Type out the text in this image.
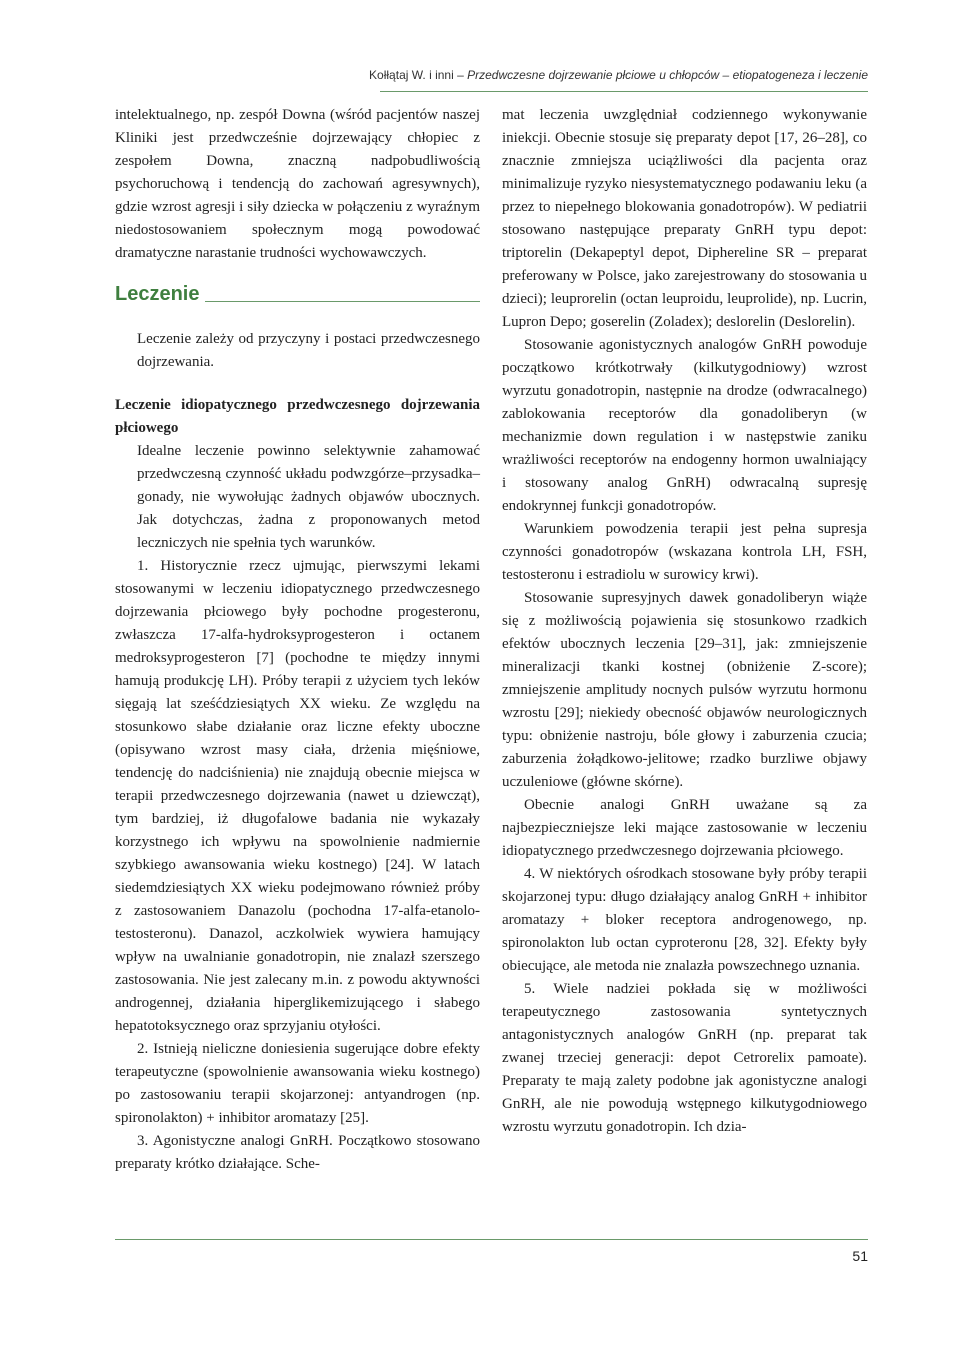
Kołłątaj W. i inni – Przedwczesne dojrzewanie płciowe u chłopców – etiopatogeneza i leczenie

intelektualnego, np. zespół Downa (wśród pacjentów naszej Kliniki jest przedwcześnie dojrzewający chłopiec z zespołem Downa, znaczną nadpobudliwością psychoruchową i tendencją do zachowań agresywnych), gdzie wzrost agresji i siły dziecka w połączeniu z wyraźnym niedostosowaniem społecznym mogą powodować dramatyczne narastanie trudności wychowawczych.

Leczenie

Leczenie zależy od przyczyny i postaci przedwczesnego dojrzewania.

Leczenie idiopatycznego przedwczesnego dojrzewania płciowego

Idealne leczenie powinno selektywnie zahamować przedwczesną czynność układu podwzgórze–przysadka–gonady, nie wywołując żadnych objawów ubocznych. Jak dotychczas, żadna z proponowanych metod leczniczych nie spełnia tych warunków.

1. Historycznie rzecz ujmując, pierwszymi lekami stosowanymi w leczeniu idiopatycznego przedwczesnego dojrzewania płciowego były pochodne progesteronu, zwłaszcza 17-alfa-hydroksyprogesteron i octanem medroksyprogesteron [7] (pochodne te między innymi hamują produkcję LH). Próby terapii z użyciem tych leków sięgają lat sześćdziesiątych XX wieku. Ze względu na stosunkowo słabe działanie oraz liczne efekty uboczne (opisywano wzrost masy ciała, drżenia mięśniowe, tendencję do nadciśnienia) nie znajdują obecnie miejsca w terapii przedwczesnego dojrzewania (nawet u dziewcząt), tym bardziej, iż długofalowe badania nie wykazały korzystnego ich wpływu na spowolnienie nadmiernie szybkiego awansowania wieku kostnego) [24]. W latach siedemdziesiątych XX wieku podejmowano również próby z zastosowaniem Danazolu (pochodna 17-alfa-etanolo-testosteronu). Danazol, aczkolwiek wywiera hamujący wpływ na uwalnianie gonadotropin, nie znalazł szerszego zastosowania. Nie jest zalecany m.in. z powodu aktywności androgennej, działania hiperglikemizującego i słabego hepatotoksycznego oraz sprzyjaniu otyłości.

2. Istnieją nieliczne doniesienia sugerujące dobre efekty terapeutyczne (spowolnienie awansowania wieku kostnego) po zastosowaniu terapii skojarzonej: antyandrogen (np. spironolakton) + inhibitor aromatazy [25].

3. Agonistyczne analogi GnRH. Początkowo stosowano preparaty krótko działające. Sche-

mat leczenia uwzględniał codziennego wykonywanie iniekcji. Obecnie stosuje się preparaty depot [17, 26–28], co znacznie zmniejsza uciążliwości dla pacjenta oraz minimalizuje ryzyko niesystematycznego podawaniu leku (a przez to niepełnego blokowania gonadotropów). W pediatrii stosowano następujące preparaty GnRH typu depot: triptorelin (Dekapeptyl depot, Diphereline SR – preparat preferowany w Polsce, jako zarejestrowany do stosowania u dzieci); leuprorelin (octan leuproidu, leuprolide), np. Lucrin, Lupron Depo; goserelin (Zoladex); deslorelin (Deslorelin).

Stosowanie agonistycznych analogów GnRH powoduje początkowo krótkotrwały (kilkutygodniowy) wzrost wyrzutu gonadotropin, następnie na drodze (odwracalnego) zablokowania receptorów dla gonadoliberyn (w mechanizmie down regulation i w następstwie zaniku wrażliwości receptorów na endogenny hormon uwalniający i stosowany analog GnRH) odwracalną supresję endokrynnej funkcji gonadotropów.

Warunkiem powodzenia terapii jest pełna supresja czynności gonadotropów (wskazana kontrola LH, FSH, testosteronu i estradiolu w surowicy krwi).

Stosowanie supresyjnych dawek gonadoliberyn wiąże się z możliwością pojawienia się stosunkowo rzadkich efektów ubocznych leczenia [29–31], jak: zmniejszenie mineralizacji tkanki kostnej (obniżenie Z-score); zmniejszenie amplitudy nocnych pulsów wyrzutu hormonu wzrostu [29]; niekiedy obecność objawów neurologicznych typu: obniżenie nastroju, bóle głowy i zaburzenia czucia; zaburzenia żołądkowo-jelitowe; rzadko burzliwe objawy uczuleniowe (główne skórne).

Obecnie analogi GnRH uważane są za najbezpieczniejsze leki mające zastosowanie w leczeniu idiopatycznego przedwczesnego dojrzewania płciowego.

4. W niektórych ośrodkach stosowane były próby terapii skojarzonej typu: długo działający analog GnRH + inhibitor aromatazy + bloker receptora androgenowego, np. spironolakton lub octan cyproteronu [28, 32]. Efekty były obiecujące, ale metoda nie znalazła powszechnego uznania.

5. Wiele nadziei pokłada się w możliwości terapeutycznego zastosowania syntetycznych antagonistycznych analogów GnRH (np. preparat tak zwanej trzeciej generacji: depot Cetrorelix pamoate). Preparaty te mają zalety podobne jak agonistyczne analogi GnRH, ale nie powodują wstępnego kilkutygodniowego wzrostu wyrzutu gonadotropin. Ich dzia-

51
